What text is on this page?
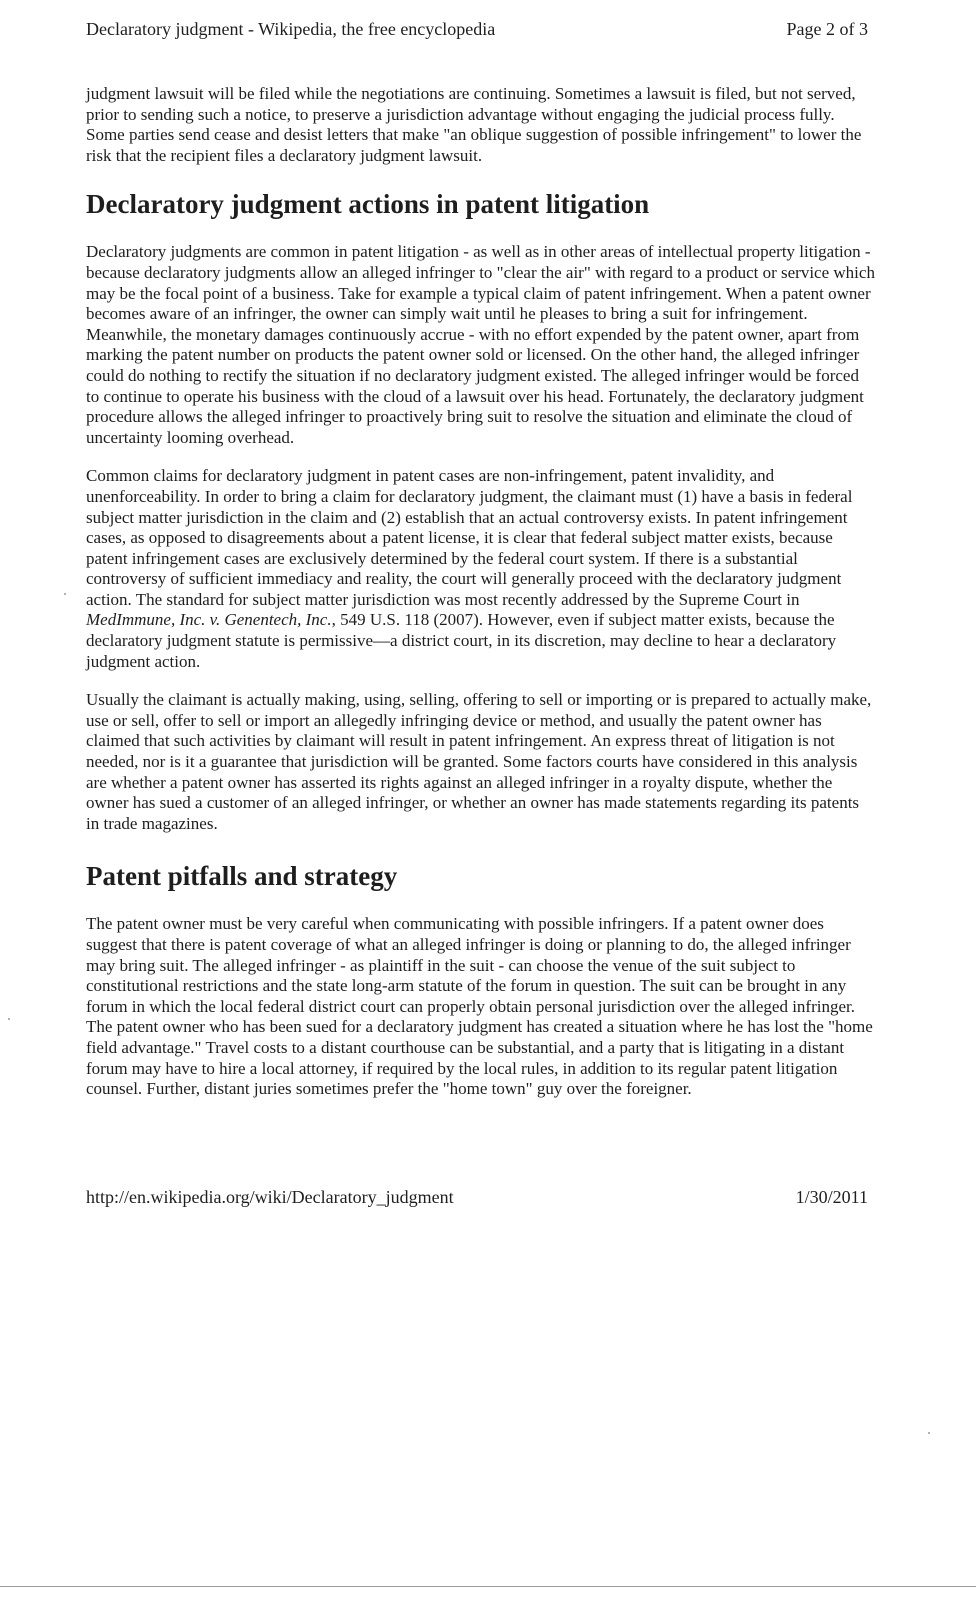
Declaratory judgment - Wikipedia, the free encyclopedia	Page 2 of 3

judgment lawsuit will be filed while the negotiations are continuing. Sometimes a lawsuit is filed, but not served, prior to sending such a notice, to preserve a jurisdiction advantage without engaging the judicial process fully. Some parties send cease and desist letters that make "an oblique suggestion of possible infringement" to lower the risk that the recipient files a declaratory judgment lawsuit.

Declaratory judgment actions in patent litigation

Declaratory judgments are common in patent litigation - as well as in other areas of intellectual property litigation - because declaratory judgments allow an alleged infringer to "clear the air" with regard to a product or service which may be the focal point of a business. Take for example a typical claim of patent infringement. When a patent owner becomes aware of an infringer, the owner can simply wait until he pleases to bring a suit for infringement. Meanwhile, the monetary damages continuously accrue - with no effort expended by the patent owner, apart from marking the patent number on products the patent owner sold or licensed. On the other hand, the alleged infringer could do nothing to rectify the situation if no declaratory judgment existed. The alleged infringer would be forced to continue to operate his business with the cloud of a lawsuit over his head. Fortunately, the declaratory judgment procedure allows the alleged infringer to proactively bring suit to resolve the situation and eliminate the cloud of uncertainty looming overhead.

Common claims for declaratory judgment in patent cases are non-infringement, patent invalidity, and unenforceability. In order to bring a claim for declaratory judgment, the claimant must (1) have a basis in federal subject matter jurisdiction in the claim and (2) establish that an actual controversy exists. In patent infringement cases, as opposed to disagreements about a patent license, it is clear that federal subject matter exists, because patent infringement cases are exclusively determined by the federal court system. If there is a substantial controversy of sufficient immediacy and reality, the court will generally proceed with the declaratory judgment action. The standard for subject matter jurisdiction was most recently addressed by the Supreme Court in MedImmune, Inc. v. Genentech, Inc., 549 U.S. 118 (2007). However, even if subject matter exists, because the declaratory judgment statute is permissive—a district court, in its discretion, may decline to hear a declaratory judgment action.

Usually the claimant is actually making, using, selling, offering to sell or importing or is prepared to actually make, use or sell, offer to sell or import an allegedly infringing device or method, and usually the patent owner has claimed that such activities by claimant will result in patent infringement. An express threat of litigation is not needed, nor is it a guarantee that jurisdiction will be granted. Some factors courts have considered in this analysis are whether a patent owner has asserted its rights against an alleged infringer in a royalty dispute, whether the owner has sued a customer of an alleged infringer, or whether an owner has made statements regarding its patents in trade magazines.

Patent pitfalls and strategy

The patent owner must be very careful when communicating with possible infringers. If a patent owner does suggest that there is patent coverage of what an alleged infringer is doing or planning to do, the alleged infringer may bring suit. The alleged infringer - as plaintiff in the suit - can choose the venue of the suit subject to constitutional restrictions and the state long-arm statute of the forum in question. The suit can be brought in any forum in which the local federal district court can properly obtain personal jurisdiction over the alleged infringer. The patent owner who has been sued for a declaratory judgment has created a situation where he has lost the "home field advantage." Travel costs to a distant courthouse can be substantial, and a party that is litigating in a distant forum may have to hire a local attorney, if required by the local rules, in addition to its regular patent litigation counsel. Further, distant juries sometimes prefer the "home town" guy over the foreigner.

http://en.wikipedia.org/wiki/Declaratory_judgment	1/30/2011
